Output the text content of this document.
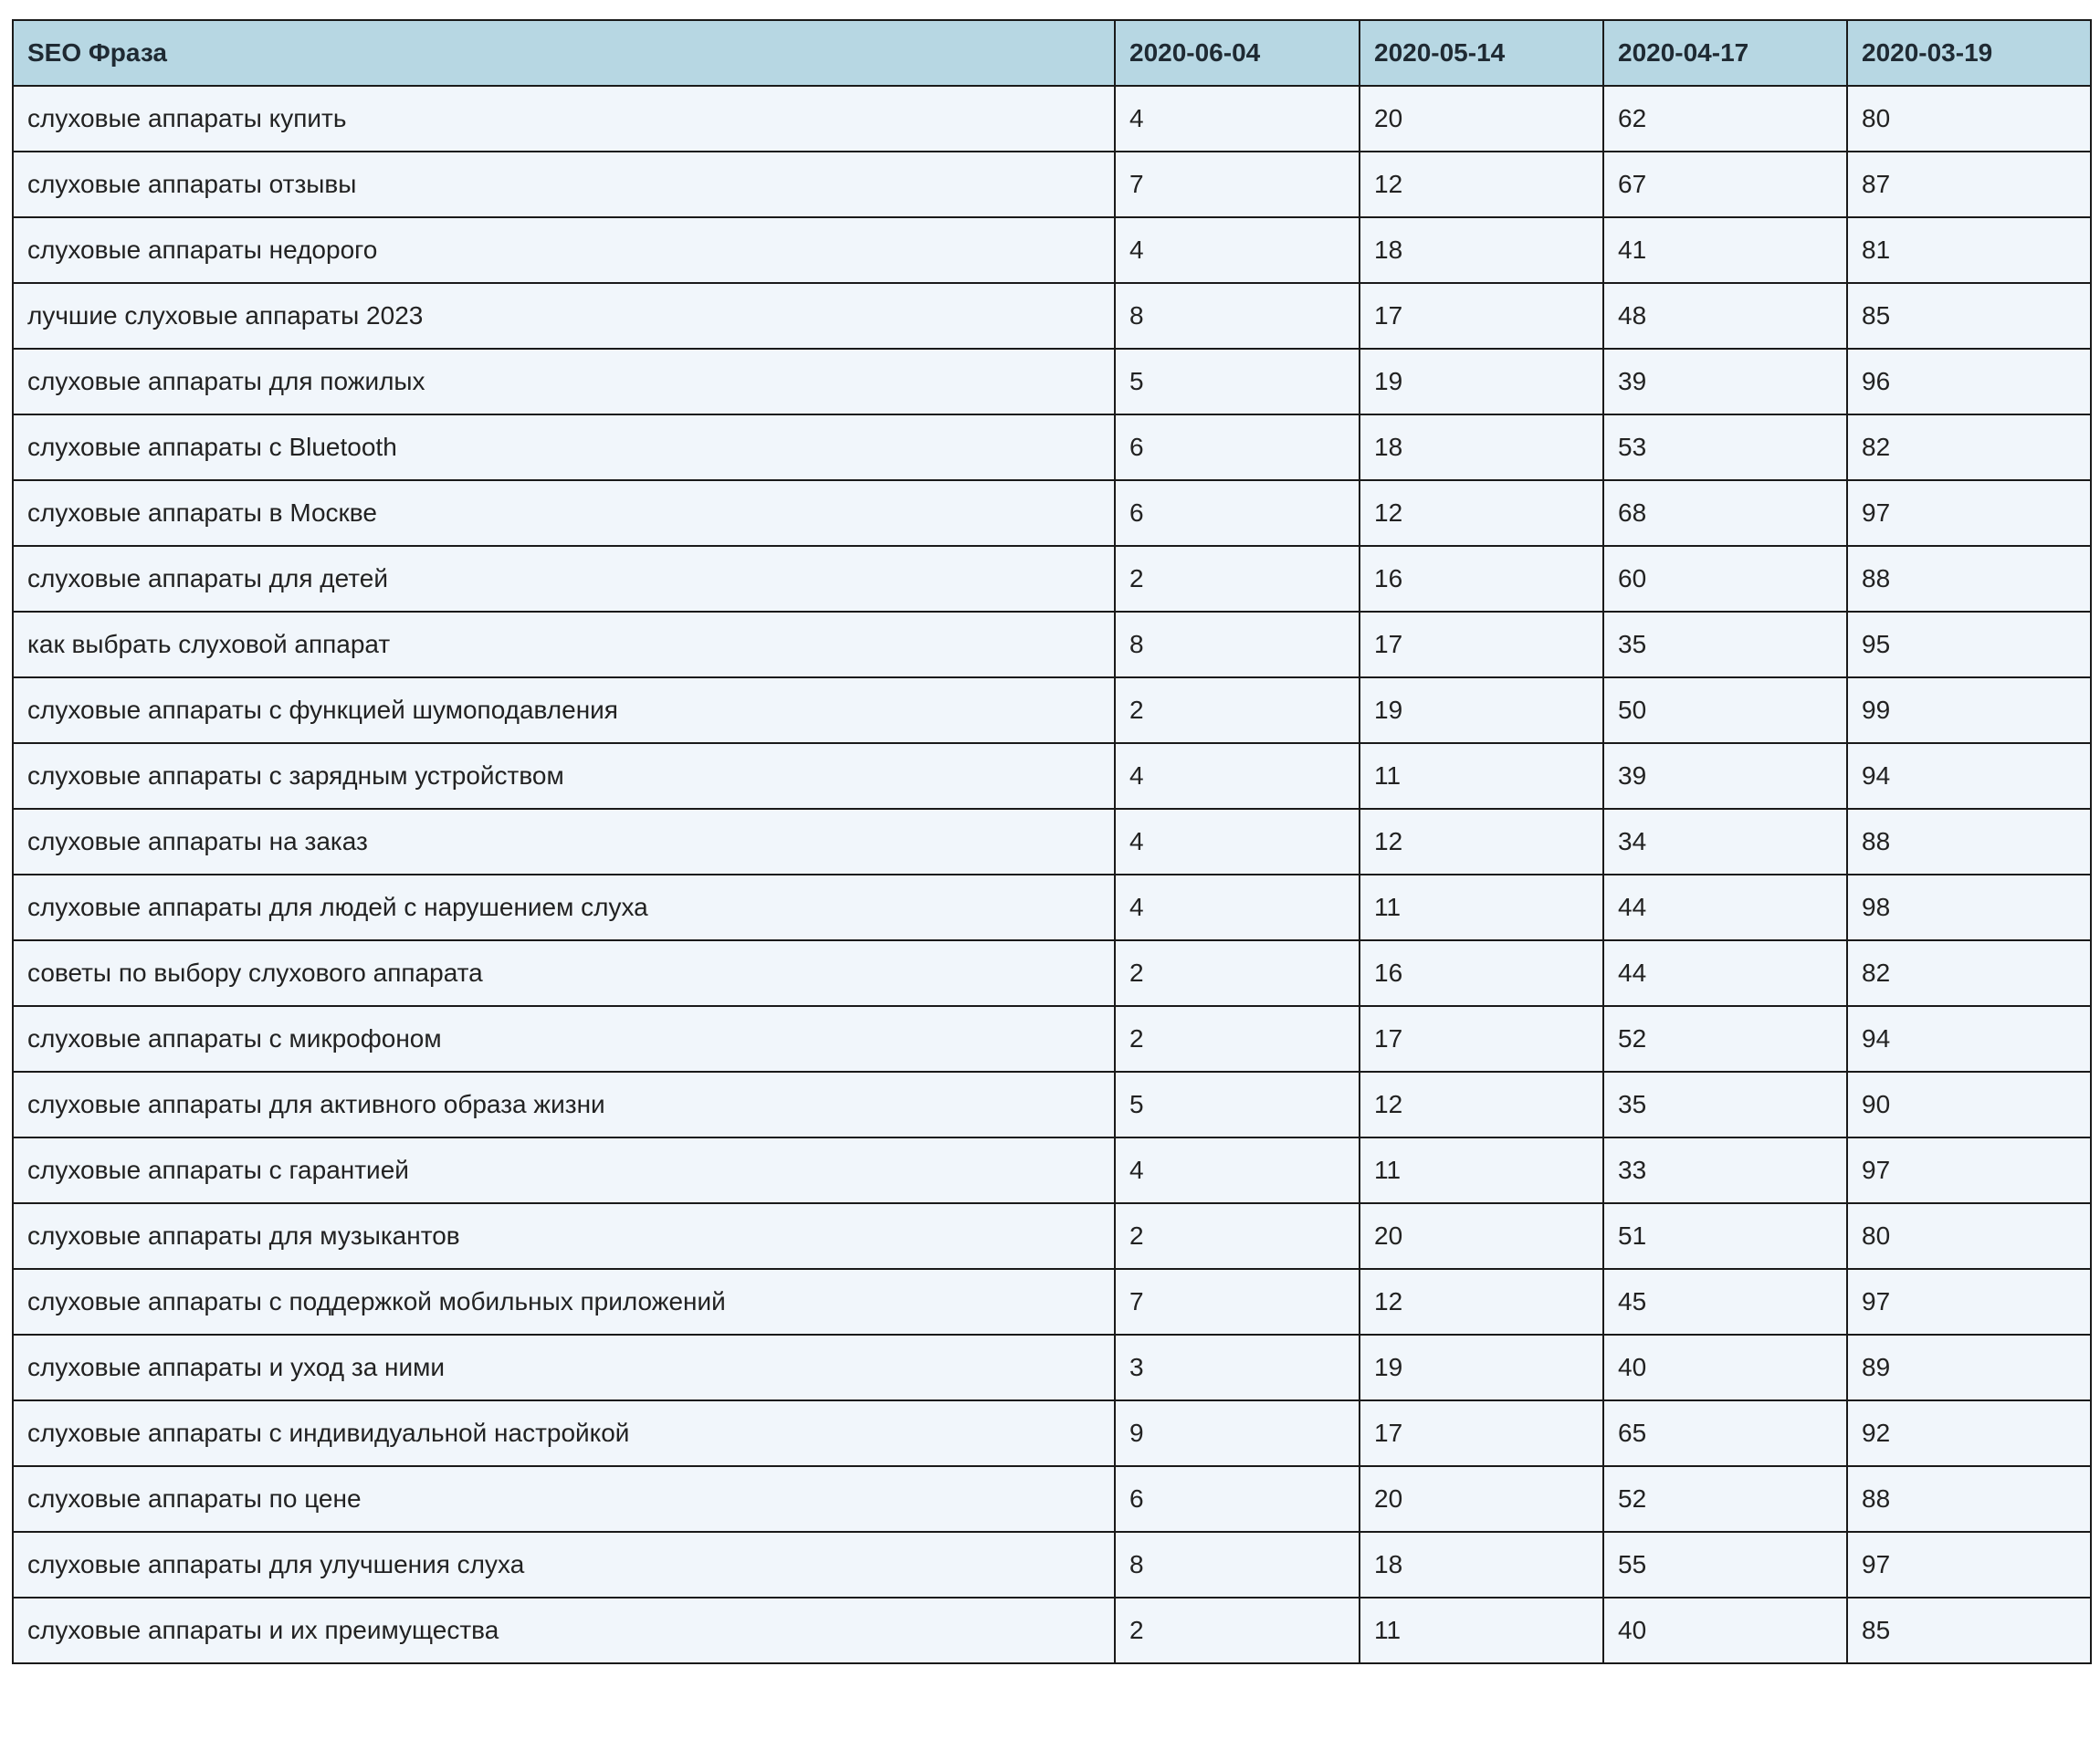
SEO Фраза	2020-06-04	2020-05-14	2020-04-17	2020-03-19
слуховые аппараты купить	4	20	62	80
слуховые аппараты отзывы	7	12	67	87
слуховые аппараты недорого	4	18	41	81
лучшие слуховые аппараты 2023	8	17	48	85
слуховые аппараты для пожилых	5	19	39	96
слуховые аппараты с Bluetooth	6	18	53	82
слуховые аппараты в Москве	6	12	68	97
слуховые аппараты для детей	2	16	60	88
как выбрать слуховой аппарат	8	17	35	95
слуховые аппараты с функцией шумоподавления	2	19	50	99
слуховые аппараты с зарядным устройством	4	11	39	94
слуховые аппараты на заказ	4	12	34	88
слуховые аппараты для людей с нарушением слуха	4	11	44	98
советы по выбору слухового аппарата	2	16	44	82
слуховые аппараты с микрофоном	2	17	52	94
слуховые аппараты для активного образа жизни	5	12	35	90
слуховые аппараты с гарантией	4	11	33	97
слуховые аппараты для музыкантов	2	20	51	80
слуховые аппараты с поддержкой мобильных приложений	7	12	45	97
слуховые аппараты и уход за ними	3	19	40	89
слуховые аппараты с индивидуальной настройкой	9	17	65	92
слуховые аппараты по цене	6	20	52	88
слуховые аппараты для улучшения слуха	8	18	55	97
слуховые аппараты и их преимущества	2	11	40	85
